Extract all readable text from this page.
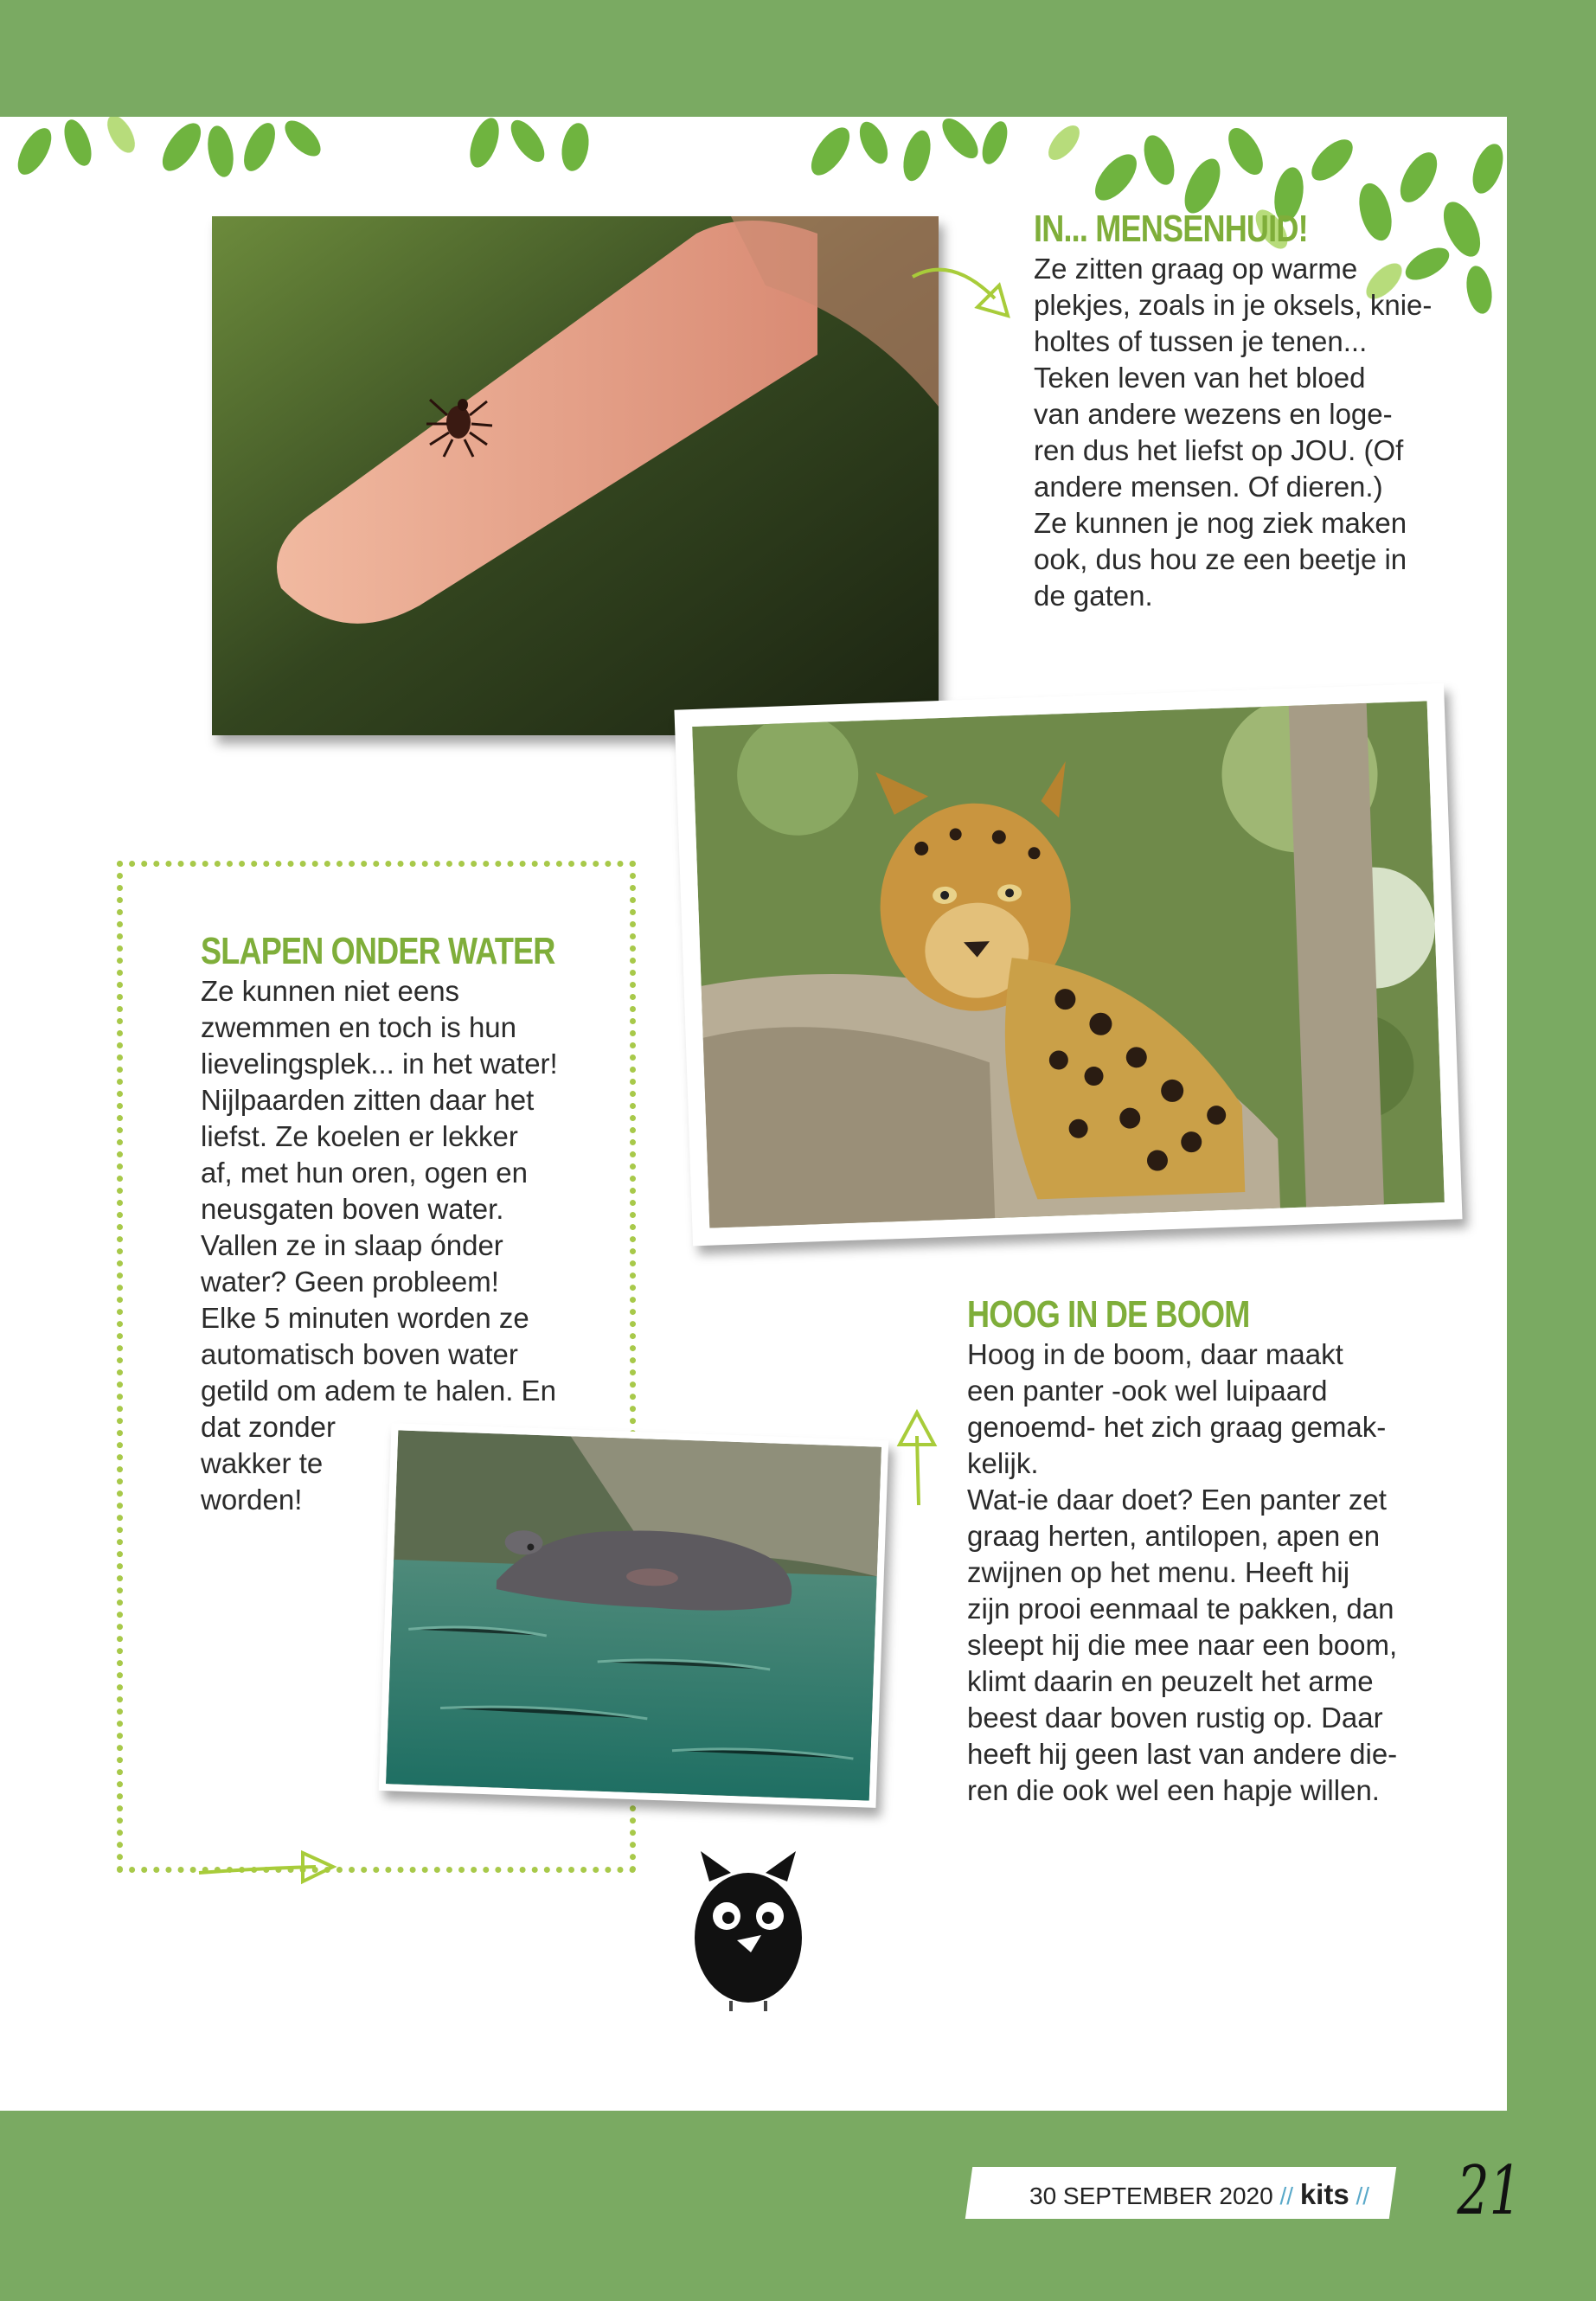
IN... MENSENHUID!
Ze zitten graag op warme
plekjes, zoals in je oksels, knie-
holtes of tussen je tenen...
Teken leven van het bloed
van andere wezens en loge-
ren dus het liefst op JOU. (Of
andere mensen. Of dieren.)
Ze kunnen je nog ziek maken
ook, dus hou ze een beetje in
de gaten.
SLAPEN ONDER WATER
Ze kunnen niet eens
zwemmen en toch is hun
lievelingsplek... in het water!
Nijlpaarden zitten daar het
liefst. Ze koelen er lekker
af, met hun oren, ogen en
neusgaten boven water.
Vallen ze in slaap ónder
water? Geen probleem!
Elke 5 minuten worden ze
automatisch boven water
getild om adem te halen. En
dat zonder
wakker te
worden!
HOOG IN DE BOOM
Hoog in de boom, daar maakt
een panter -ook wel luipaard
genoemd- het zich graag gemak-
kelijk.
Wat-ie daar doet? Een panter zet
graag herten, antilopen, apen en
zwijnen op het menu. Heeft hij
zijn prooi eenmaal te pakken, dan
sleept hij die mee naar een boom,
klimt daarin en peuzelt het arme
beest daar boven rustig op. Daar
heeft hij geen last van andere die-
ren die ook wel een hapje willen.
30 SEPTEMBER 2020 // kits // 21
